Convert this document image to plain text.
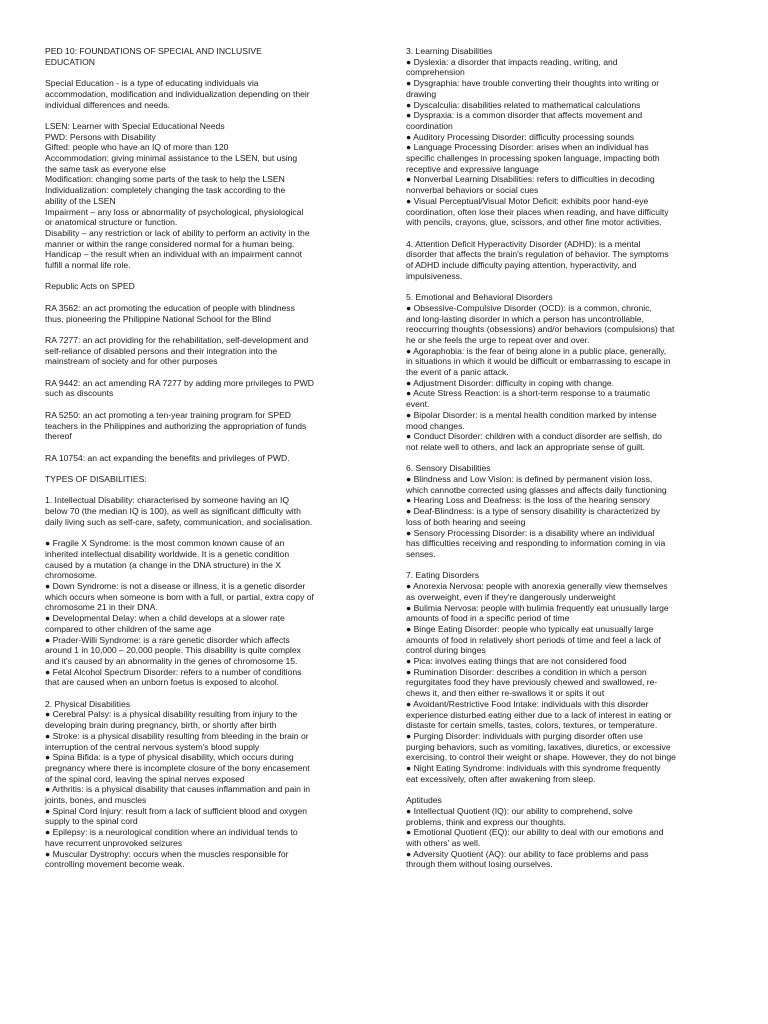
PED 10: FOUNDATIONS OF SPECIAL AND INCLUSIVE
EDUCATION
Special Education - is a type of educating individuals via
accommodation, modification and individualization depending on their
individual differences and needs.
LSEN: Learner with Special Educational Needs
PWD: Persons with Disability
Gifted: people who have an IQ of more than 120
Accommodation: giving minimal assistance to the LSEN, but using
the same task as everyone else
Modification: changing some parts of the task to help the LSEN
Individualization: completely changing the task according to the
ability of the LSEN
Impairment – any loss or abnormality of psychological, physiological
or anatomical structure or function.
Disability – any restriction or lack of ability to perform an activity in the
manner or within the range considered normal for a human being.
Handicap – the result when an individual with an impairment cannot
fulfill a normal life role.
Republic Acts on SPED
RA 3562: an act promoting the education of people with blindness
thus, pioneering the Philippine National School for the Blind
RA 7277: an act providing for the rehabilitation, self-development and
self-reliance of disabled persons and their integration into the
mainstream of society and for other purposes
RA 9442: an act amending RA 7277 by adding more privileges to PWD
such as discounts
RA 5250: an act promoting a ten-year training program for SPED
teachers in the Philippines and authorizing the appropriation of funds
thereof
RA 10754: an act expanding the benefits and privileges of PWD.
TYPES OF DISABILITIES:
1. Intellectual Disability: characterised by someone having an IQ
below 70 (the median IQ is 100), as well as significant difficulty with
daily living such as self-care, safety, communication, and socialisation.
● Fragile X Syndrome: is the most common known cause of an
inherited intellectual disability worldwide. It is a genetic condition
caused by a mutation (a change in the DNA structure) in the X
chromosome.
● Down Syndrome: is not a disease or illness, it is a genetic disorder
which occurs when someone is born with a full, or partial, extra copy of
chromosome 21 in their DNA.
● Developmental Delay: when a child develops at a slower rate
compared to other children of the same age
● Prader-Willi Syndrome: is a rare genetic disorder which affects
around 1 in 10,000 – 20,000 people. This disability is quite complex
and it's caused by an abnormality in the genes of chromosome 15.
● Fetal Alcohol Spectrum Disorder: refers to a number of conditions
that are caused when an unborn foetus is exposed to alcohol.
2. Physical Disabilities
● Cerebral Palsy: is a physical disability resulting from injury to the
developing brain during pregnancy, birth, or shortly after birth
● Stroke: is a physical disability resulting from bleeding in the brain or
interruption of the central nervous system's blood supply
● Spina Bifida: is a type of physical disability, which occurs during
pregnancy where there is incomplete closure of the bony encasement
of the spinal cord, leaving the spinal nerves exposed
● Arthritis: is a physical disability that causes inflammation and pain in
joints, bones, and muscles
● Spinal Cord Injury: result from a lack of sufficient blood and oxygen
supply to the spinal cord
● Epilepsy: is a neurological condition where an individual tends to
have recurrent unprovoked seizures
● Muscular Dystrophy: occurs when the muscles responsible for
controlling movement become weak.
3. Learning Disabilities
● Dyslexia: a disorder that impacts reading, writing, and
comprehension
● Dysgraphia: have trouble converting their thoughts into writing or
drawing
● Dyscalculia: disabilities related to mathematical calculations
● Dyspraxia: is a common disorder that affects movement and
coordination
● Auditory Processing Disorder: difficulty processing sounds
● Language Processing Disorder: arises when an individual has
specific challenges in processing spoken language, impacting both
receptive and expressive language
● Nonverbal Learning Disabilities: refers to difficulties in decoding
nonverbal behaviors or social cues
● Visual Perceptual/Visual Motor Deficit: exhibits poor hand-eye
coordination, often lose their places when reading, and have difficulty
with pencils, crayons, glue, scissors, and other fine motor activities.
4. Attention Deficit Hyperactivity Disorder (ADHD): is a mental
disorder that affects the brain's regulation of behavior. The symptoms
of ADHD include difficulty paying attention, hyperactivity, and
impulsiveness.
5. Emotional and Behavioral Disorders
● Obsessive-Compulsive Disorder (OCD): is a common, chronic,
and long-lasting disorder in which a person has uncontrollable,
reoccurring thoughts (obsessions) and/or behaviors (compulsions) that
he or she feels the urge to repeat over and over.
● Agoraphobia: is the fear of being alone in a public place, generally,
in situations in which it would be difficult or embarrassing to escape in
the event of a panic attack.
● Adjustment Disorder: difficulty in coping with change.
● Acute Stress Reaction: is a short-term response to a traumatic
event.
● Bipolar Disorder: is a mental health condition marked by intense
mood changes.
● Conduct Disorder: children with a conduct disorder are selfish, do
not relate well to others, and lack an appropriate sense of guilt.
6. Sensory Disabilities
● Blindness and Low Vision: is defined by permanent vision loss,
which cannotbe corrected using glasses and affects daily functioning
● Hearing Loss and Deafness: is the loss of the hearing sensory
● Deaf-Blindness: is a type of sensory disability is characterized by
loss of both hearing and seeing
● Sensory Processing Disorder: is a disability where an individual
has difficulties receiving and responding to information coming in via
senses.
7. Eating Disorders
● Anorexia Nervosa: people with anorexia generally view themselves
as overweight, even if they're dangerously underweight
● Bulimia Nervosa: people with bulimia frequently eat unusually large
amounts of food in a specific period of time
● Binge Eating Disorder: people who typically eat unusually large
amounts of food in relatively short periods of time and feel a lack of
control during binges
● Pica: involves eating things that are not considered food
● Rumination Disorder: describes a condition in which a person
regurgitates food they have previously chewed and swallowed, re-
chews it, and then either re-swallows it or spits it out
● Avoidant/Restrictive Food Intake: individuals with this disorder
experience disturbed eating either due to a lack of interest in eating or
distaste for certain smells, tastes, colors, textures, or temperature.
● Purging Disorder: individuals with purging disorder often use
purging behaviors, such as vomiting, laxatives, diuretics, or excessive
exercising, to control their weight or shape. However, they do not binge
● Night Eating Syndrome: individuals with this syndrome frequently
eat excessively, often after awakening from sleep.
Aptitudes
● Intellectual Quotient (IQ): our ability to comprehend, solve
problems, think and express our thoughts.
● Emotional Quotient (EQ): our ability to deal with our emotions and
with others' as well.
● Adversity Quotient (AQ): our ability to face problems and pass
through them without losing ourselves.
